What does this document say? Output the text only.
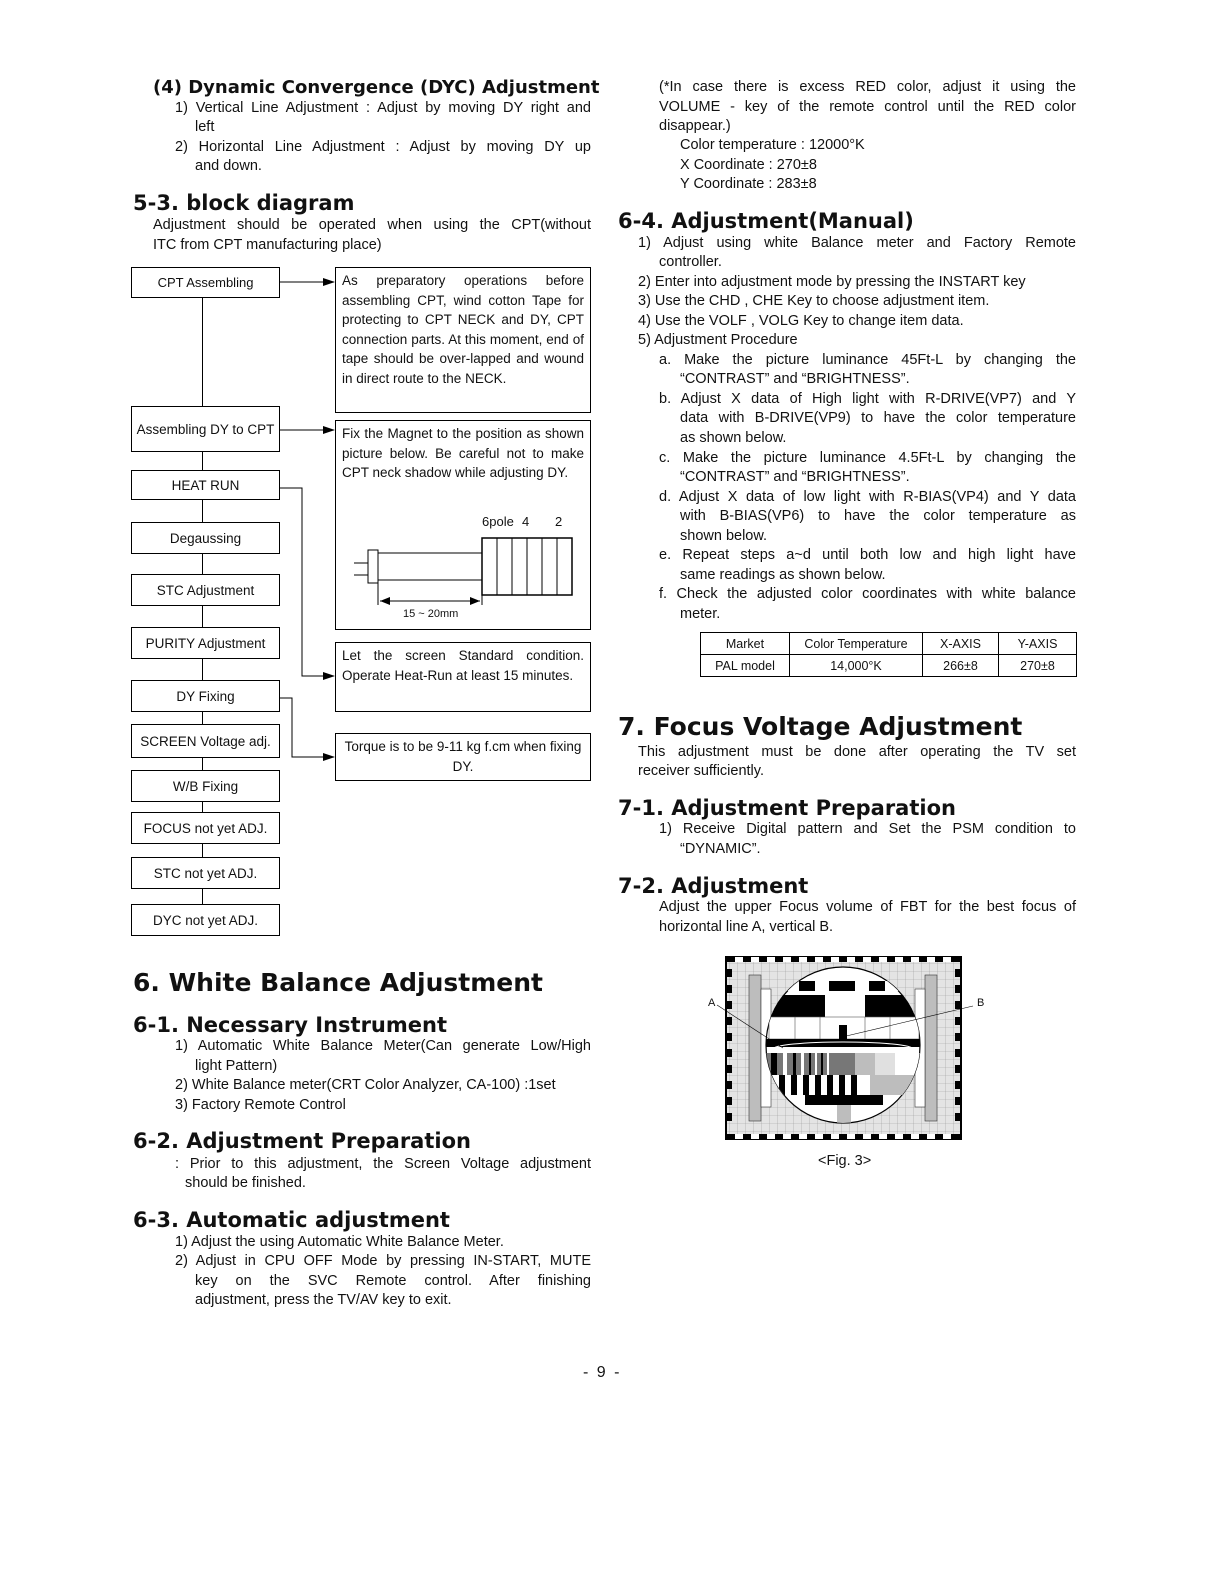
(4) Dynamic Convergence (DYC) Adjustment
1) Vertical Line Adjustment : Adjust by moving DY right and
left
2) Horizontal Line Adjustment : Adjust by moving DY up
and down.
5-3. block diagram
Adjustment should be operated when using the CPT(without
ITC from CPT manufacturing place)
CPT Assembling
Assembling DY to CPT
HEAT RUN
Degaussing
STC Adjustment
PURITY Adjustment
DY Fixing
SCREEN Voltage adj.
W/B Fixing
FOCUS not yet ADJ.
STC not yet ADJ.
DYC not yet ADJ.
As preparatory operations before assembling CPT, wind cotton Tape for protecting to CPT NECK and DY, CPT connection parts. At this moment, end of tape should be over-lapped and wound in direct route to the NECK.
Fix the Magnet to the position as shown picture below. Be careful not to make CPT neck shadow while adjusting DY.
6pole 4 2
15 ~ 20mm
Let the screen Standard condition. Operate Heat-Run at least 15 minutes.
Torque is to be 9-11 kg f.cm when fixing DY.
6. White Balance Adjustment
6-1. Necessary Instrument
1) Automatic White Balance Meter(Can generate Low/High
light Pattern)
2) White Balance meter(CRT Color Analyzer, CA-100) :1set
3) Factory Remote Control
6-2. Adjustment Preparation
: Prior to this adjustment, the Screen Voltage adjustment
should be finished.
6-3. Automatic adjustment
1) Adjust the using Automatic White Balance Meter.
2) Adjust in CPU OFF Mode by pressing IN-START, MUTE
key on the SVC Remote control. After finishing
adjustment, press the TV/AV key to exit.
(*In case there is excess RED color, adjust it using the
VOLUME - key of the remote control until the RED color
disappear.)
Color temperature : 12000°K
X Coordinate : 270±8
Y Coordinate : 283±8
6-4. Adjustment(Manual)
1) Adjust using white Balance meter and Factory Remote
controller.
2) Enter into adjustment mode by pressing the INSTART key
3) Use the CHD , CHE Key to choose adjustment item.
4) Use the VOLF , VOLG Key to change item data.
5) Adjustment Procedure
a. Make the picture luminance 45Ft-L by changing the
“CONTRAST” and “BRIGHTNESS”.
b. Adjust X data of High light with R-DRIVE(VP7) and Y
data with B-DRIVE(VP9) to have the color temperature
as shown below.
c. Make the picture luminance 4.5Ft-L by changing the
“CONTRAST” and “BRIGHTNESS”.
d. Adjust X data of low light with R-BIAS(VP4) and Y data
with B-BIAS(VP6) to have the color temperature as
shown below.
e. Repeat steps a~d until both low and high light have
same readings as shown below.
f. Check the adjusted color coordinates with white balance
meter.
Market	Color Temperature	X-AXIS	Y-AXIS
PAL model	14,000°K	266±8	270±8
7. Focus Voltage Adjustment
This adjustment must be done after operating the TV set
receiver sufficiently.
7-1. Adjustment Preparation
1) Receive Digital pattern and Set the PSM condition to
“DYNAMIC”.
7-2. Adjustment
Adjust the upper Focus volume of FBT for the best focus of
horizontal line A, vertical B.
A	B
<Fig. 3>
- 9 -
